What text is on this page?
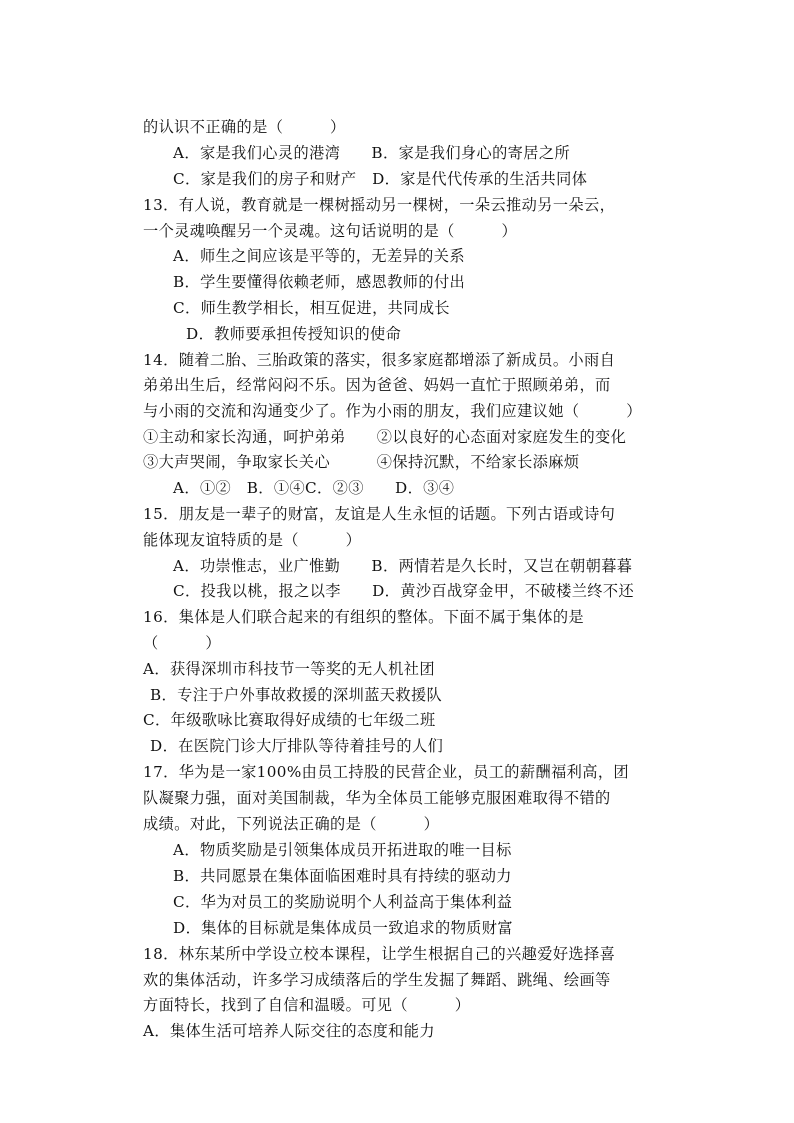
的认识不正确的是（　　　）
A．家是我们心灵的港湾　　B．家是我们身心的寄居之所
C．家是我们的房子和财产　D．家是代代传承的生活共同体
13．有人说，教育就是一棵树摇动另一棵树，一朵云推动另一朵云，
一个灵魂唤醒另一个灵魂。这句话说明的是（　　　）
A．师生之间应该是平等的，无差异的关系
B．学生要懂得依赖老师，感恩教师的付出
C．师生教学相长，相互促进，共同成长
D．教师要承担传授知识的使命
14．随着二胎、三胎政策的落实，很多家庭都增添了新成员。小雨自
弟弟出生后，经常闷闷不乐。因为爸爸、妈妈一直忙于照顾弟弟，而
与小雨的交流和沟通变少了。作为小雨的朋友，我们应建议她（　　　）
①主动和家长沟通，呵护弟弟　　②以良好的心态面对家庭发生的变化
③大声哭闹，争取家长关心　　　④保持沉默，不给家长添麻烦
A．①②　B．①④C．②③　　D．③④
15．朋友是一辈子的财富，友谊是人生永恒的话题。下列古语或诗句
能体现友谊特质的是（　　　）
A．功崇惟志，业广惟勤　　B．两情若是久长时，又岂在朝朝暮暮
C．投我以桃，报之以李　　D．黄沙百战穿金甲，不破楼兰终不还
16．集体是人们联合起来的有组织的整体。下面不属于集体的是
（　　　）
A．获得深圳市科技节一等奖的无人机社团
B．专注于户外事故救援的深圳蓝天救援队
C．年级歌咏比赛取得好成绩的七年级二班
D．在医院门诊大厅排队等待着挂号的人们
17．华为是一家100%由员工持股的民营企业，员工的薪酬福利高，团
队凝聚力强，面对美国制裁，华为全体员工能够克服困难取得不错的
成绩。对此，下列说法正确的是（　　　）
A．物质奖励是引领集体成员开拓进取的唯一目标
B．共同愿景在集体面临困难时具有持续的驱动力
C．华为对员工的奖励说明个人利益高于集体利益
D．集体的目标就是集体成员一致追求的物质财富
18．林东某所中学设立校本课程，让学生根据自己的兴趣爱好选择喜
欢的集体活动，许多学习成绩落后的学生发掘了舞蹈、跳绳、绘画等
方面特长，找到了自信和温暖。可见（　　　）
A．集体生活可培养人际交往的态度和能力
